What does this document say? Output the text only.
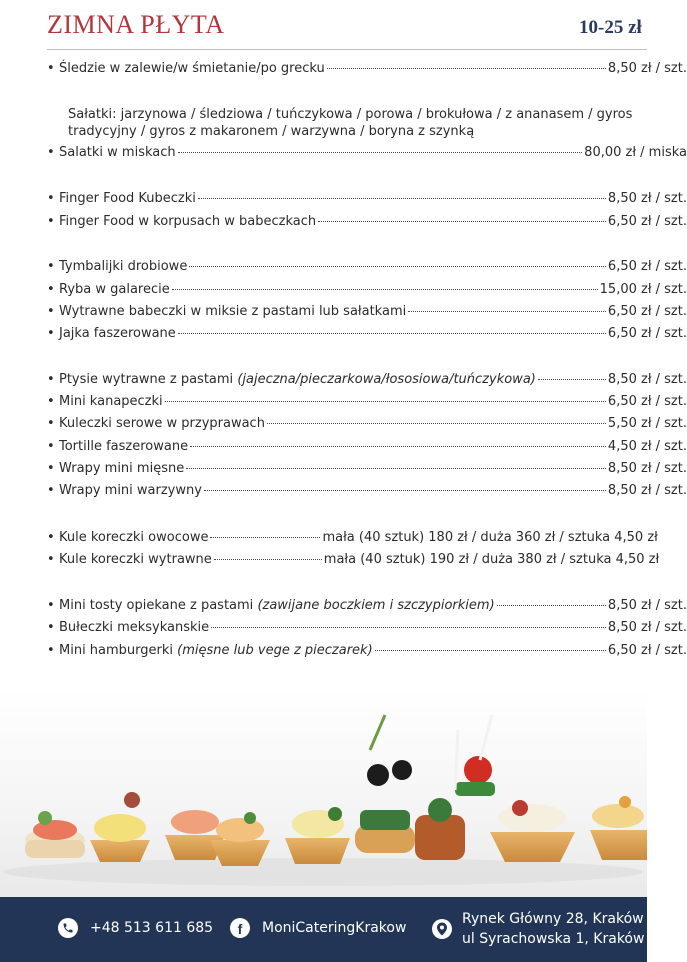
ZIMNA PŁYTA	10-25 zł
• Śledzie w zalewie/w śmietanie/po grecku	8,50 zł / szt.
Sałatki: jarzynowa / śledziowa / tuńczykowa / porowa / brokułowa / z ananasem / gyros tradycyjny / gyros z makaronem / warzywna / boryna z szynką
• Salatki w miskach	80,00 zł / miska
• Finger Food Kubeczki	8,50 zł / szt.
• Finger Food w korpusach w babeczkach	6,50 zł / szt.
• Tymbalijki drobiowe	6,50 zł / szt.
• Ryba w galarecie	15,00 zł / szt.
• Wytrawne babeczki w miksie z pastami lub sałatkami	6,50 zł / szt.
• Jajka faszerowane	6,50 zł / szt.
• Ptysie wytrawne z pastami (jajeczna/pieczarkowa/łososiowa/tuńczykowa)	8,50 zł / szt.
• Mini kanapeczki	6,50 zł / szt.
• Kuleczki serowe w przyprawach	5,50 zł / szt.
• Tortille faszerowane	4,50 zł / szt.
• Wrapy mini mięsne	8,50 zł / szt.
• Wrapy mini warzywny	8,50 zł / szt.
• Kule koreczki owocowe	mała (40 sztuk) 180 zł / duża 360 zł / sztuka 4,50 zł
• Kule koreczki wytrawne	mała (40 sztuk) 190 zł / duża 380 zł / sztuka 4,50 zł
• Mini tosty opiekane z pastami (zawijane boczkiem i szczypiorkiem)	8,50 zł / szt.
• Bułeczki meksykanskie	8,50 zł / szt.
• Mini hamburgerki (mięsne lub vege z pieczarek)	6,50 zł / szt.
+48 513 611 685 f MoniCateringKrakow
Rynek Główny 28, Kraków
ul Syrachowska 1, Kraków
